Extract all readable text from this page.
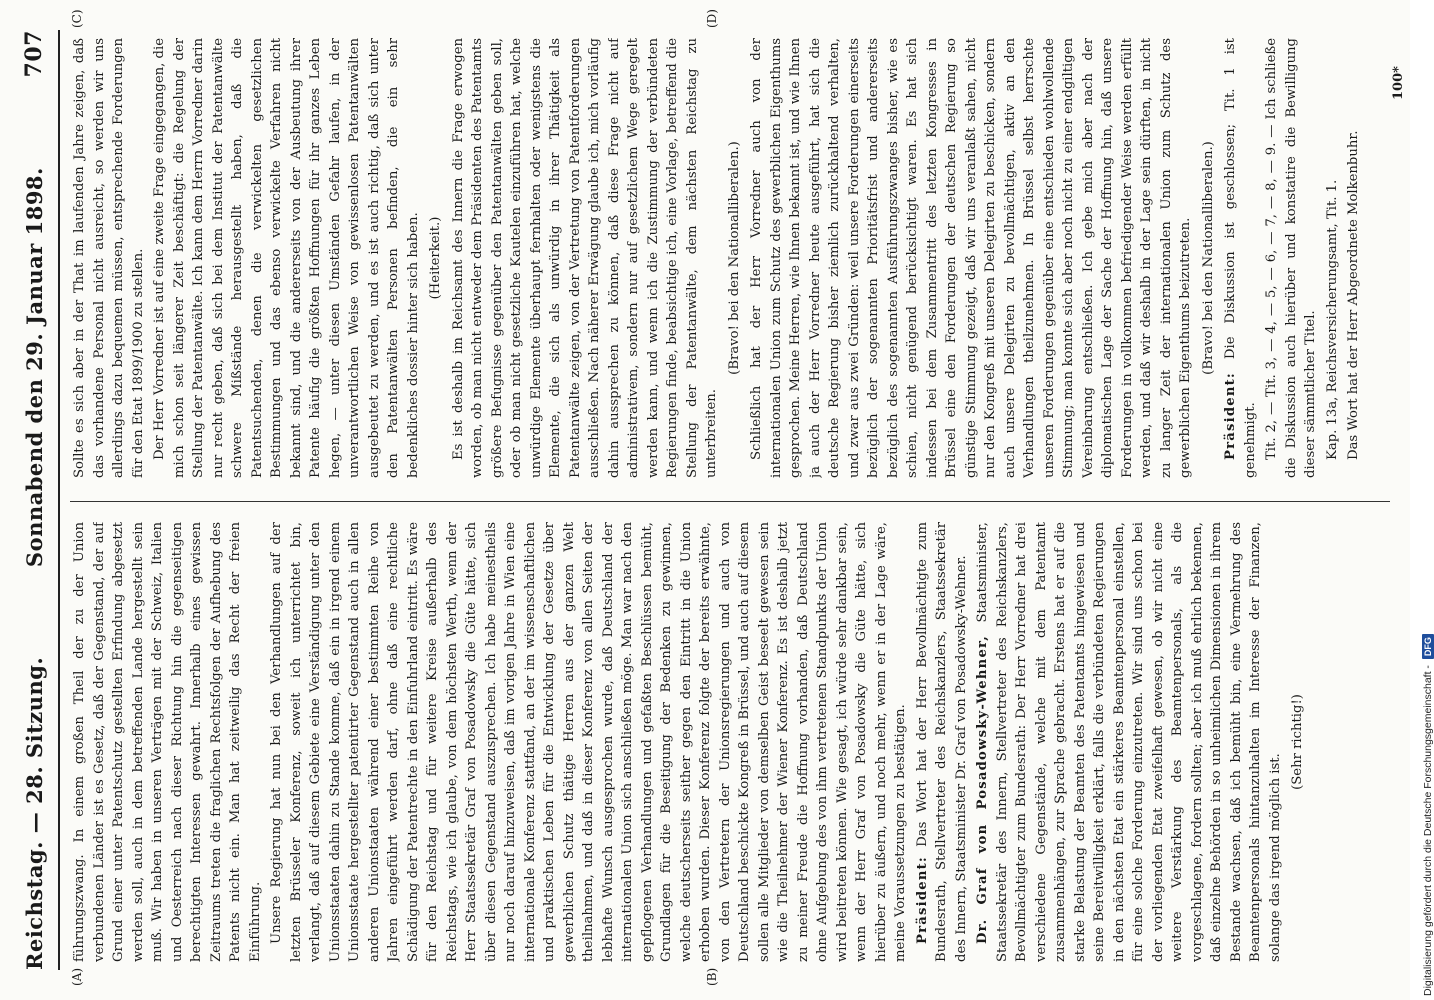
Reichstag. — 28. Sitzung.
Sonnabend den 29. Januar 1898.
707
(A)	(B)
(C)	(D)

führungszwang. In einem großen Theil der zu der Union verbundenen Länder ist es Gesetz, daß der Gegenstand, der auf Grund einer unter Patentschutz gestellten Erfindung abgesetzt werden soll, auch in dem betreffenden Lande hergestellt sein muß. Wir haben in unseren Verträgen mit der Schweiz, Italien und Oesterreich nach dieser Richtung hin die gegenseitigen berechtigten Interessen gewahrt. Innerhalb eines gewissen Zeitraums treten die fraglichen Rechtsfolgen der Aufhebung des Patents nicht ein. Man hat zeitweilig das Recht der freien Einführung. Unsere Regierung hat nun bei den Verhandlungen auf der letzten Brüsseler Konferenz, soweit ich unterrichtet bin, verlangt, daß auf diesem Gebiete eine Verständigung unter den Unionsstaaten dahin zu Stande komme, daß ein in irgend einem Unionsstaate hergestellter patentirter Gegenstand auch in allen anderen Unionstaaten während einer bestimmten Reihe von Jahren eingeführt werden darf, ohne daß eine rechtliche Schädigung der Patentrechte in den Einfuhrland eintritt. Es wäre für den Reichstag und für weitere Kreise außerhalb des Reichstags, wie ich glaube, von dem höchsten Werth, wenn der Herr Staatssekretär Graf von Posadowsky die Güte hätte, sich über diesen Gegenstand auszusprechen. Ich habe meinestheils nur noch darauf hinzuweisen, daß im vorigen Jahre in Wien eine internationale Konferenz stattfand, an der im wissenschaftlichen und praktischen Leben für die Entwicklung der Gesetze über gewerblichen Schutz thätige Herren aus der ganzen Welt theilnahmen, und daß in dieser Konferenz von allen Seiten der lebhafte Wunsch ausgesprochen wurde, daß Deutschland der internationalen Union sich anschließen möge. Man war nach den gepflogenen Verhandlungen und gefaßten Beschlüssen bemüht, Grundlagen für die Beseitigung der Bedenken zu gewinnen, welche deutscherseits seither gegen den Eintritt in die Union erhoben wurden. Dieser Konferenz folgte der bereits erwähnte, von den Vertretern der Unionsregierungen und auch von Deutschland beschickte Kongreß in Brüssel, und auch auf diesem sollen alle Mitglieder von demselben Geist beseelt gewesen sein wie die Theilnehmer der Wiener Konferenz. Es ist deshalb jetzt zu meiner Freude die Hoffnung vorhanden, daß Deutschland ohne Aufgebung des von ihm vertretenen Standpunkts der Union wird beitreten können. Wie gesagt, ich würde sehr dankbar sein, wenn der Herr Graf von Posadowsky die Güte hätte, sich hierüber zu äußern, und noch mehr, wenn er in der Lage wäre, meine Voraussetzungen zu bestätigen. Präsident: Das Wort hat der Herr Bevollmächtigte zum Bundesrath, Stellvertreter des Reichskanzlers, Staatssekretär des Innern, Staatsminister Dr. Graf von Posadowsky-Wehner. Dr. Graf von Posadowsky-Wehner, Staatsminister, Staatssekretär des Innern, Stellvertreter des Reichskanzlers, Bevollmächtigter zum Bundesrath: Der Herr Vorredner hat drei verschiedene Gegenstände, welche mit dem Patentamt zusammenhängen, zur Sprache gebracht. Erstens hat er auf die starke Belastung der Beamten des Patentamts hingewiesen und seine Bereitwilligkeit erklärt, falls die verbündeten Regierungen in den nächsten Etat ein stärkeres Beamtenpersonal einstellen, für eine solche Forderung einzutreten. Wir sind uns schon bei der vorliegenden Etat zweifelhaft gewesen, ob wir nicht eine weitere Verstärkung des Beamtenpersonals, als die vorgeschlagene, fordern sollten; aber ich muß ehrlich bekennen, daß einzelne Behörden in so unheimlichen Dimensionen in ihrem Bestande wachsen, daß ich bemüht bin, eine Vermehrung des Beamtenpersonals hintanzuhalten im Interesse der Finanzen, solange das irgend möglich ist.

(Sehr richtig!)

Sollte es sich aber in der That im laufenden Jahre zeigen, daß das vorhandene Personal nicht ausreicht, so werden wir uns allerdings dazu bequemen müssen, entsprechende Forderungen für den Etat 1899/1900 zu stellen. Der Herr Vorredner ist auf eine zweite Frage eingegangen, die mich schon seit längerer Zeit beschäftigt: die Regelung der Stellung der Patentanwälte. Ich kann dem Herrn Vorredner darin nur recht geben, daß sich bei dem Institut der Patentanwälte schwere Mißstände herausgestellt haben, daß die Patentsuchenden, denen die verwickelten gesetzlichen Bestimmungen und das ebenso verwickelte Verfahren nicht bekannt sind, und die andererseits von der Ausbeutung ihrer Patente häufig die größten Hoffnungen für ihr ganzes Leben hegen, — unter diesen Umständen Gefahr laufen, in der unverantwortlichen Weise von gewissenlosen Patentanwälten ausgebeutet zu werden, und es ist auch richtig, daß sich unter den Patentanwälten Personen befinden, die ein sehr bedenkliches dossier hinter sich haben. (Heiterkeit.) Es ist deshalb im Reichsamt des Innern die Frage erwogen worden, ob man nicht entweder dem Präsidenten des Patentamts größere Befugnisse gegenüber den Patentanwälten geben soll, oder ob man nicht gesetzliche Kautelen einzuführen hat, welche unwürdige Elemente überhaupt fernhalten oder wenigstens die Elemente, die sich als unwürdig in ihrer Thätigkeit als Patentanwälte zeigen, von der Vertretung von Patentforderungen ausschließen. Nach näherer Erwägung glaube ich, mich vorläufig dahin aussprechen zu können, daß diese Frage nicht auf administrativem, sondern nur auf gesetzlichem Wege geregelt werden kann, und wenn ich die Zustimmung der verbündeten Regierungen finde, beabsichtige ich, eine Vorlage, betreffend die Stellung der Patentanwälte, dem nächsten Reichstag zu unterbreiten.

(Bravo! bei den Nationalliberalen.) Schließlich hat der Herr Vorredner auch von der internationalen Union zum Schutz des gewerblichen Eigenthums gesprochen. Meine Herren, wie Ihnen bekannt ist, und wie Ihnen ja auch der Herr Vorredner heute ausgeführt, hat sich die deutsche Regierung bisher ziemlich zurückhaltend verhalten, und zwar aus zwei Gründen: weil unsere Forderungen einerseits bezüglich der sogenannten Prioritätsfrist und andererseits bezüglich des sogenannten Ausführungszwanges bisher, wie es schien, nicht genügend berücksichtigt waren. Es hat sich indessen bei dem Zusammentritt des letzten Kongresses in Brüssel eine den Forderungen der deutschen Regierung so günstige Stimmung gezeigt, daß wir uns veranlaßt sahen, nicht nur den Kongreß mit unseren Delegirten zu beschicken, sondern auch unsere Delegirten zu bevollmächtigen, aktiv an den Verhandlungen theilzunehmen. In Brüssel selbst herrschte unseren Forderungen gegenüber eine entschieden wohlwollende Stimmung; man konnte sich aber noch nicht zu einer endgiltigen Vereinbarung entschließen. Ich gebe mich aber nach der diplomatischen Lage der Sache der Hoffnung hin, daß unsere Forderungen in vollkommen befriedigender Weise werden erfüllt werden, und daß wir deshalb in der Lage sein dürften, in nicht zu langer Zeit der internationalen Union zum Schutz des gewerblichen Eigenthums beizutreten. (Bravo! bei den Nationalliberalen.)

Präsident: Die Diskussion ist geschlossen; Tit. 1 ist genehmigt. Tit. 2, — Tit. 3, — 4, — 5, — 6, — 7, — 8, — 9. — Ich schließe die Diskussion auch hierüber und konstatire die Bewilligung dieser sämmtlicher Titel. Kap. 13a, Reichsversicherungsamt, Tit. 1. Das Wort hat der Herr Abgeordnete Molkenbuhr.

100*
Digitalisierung gefördert durch die Deutsche Forschungsgemeinschaft -
DFG
